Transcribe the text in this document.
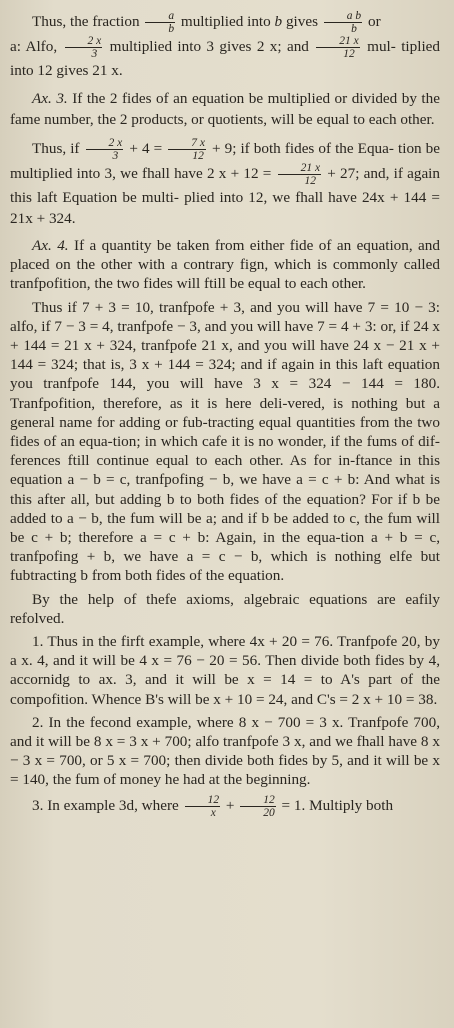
Thus, the fraction $\frac{a}{b}$ multiplied into b gives $\frac{\text{a b}}{b}$ or
a: Alfo, $\frac{2 x}{3}$ multiplied into 3 gives 2 x; and $\frac{21 x}{12} mul-$ tiplied into 12 gives 21 x.

Ax. 3. If the 2 fides of an equation be multiplied or divided by the fame number, the 2 products, or quotients, will be equal to each other.

Thus, if $\frac{2 x}{3} + 4 = \frac{7 x}{12} + 9$; if both fides of the Equa- tion be multiplied into 3, we fhall have 2 $x + 12 = \frac{21 x}{12} + 27$; and, if again this laft Equation be multi- plied into 12, we fhall have 24x + 144 = 21x + 324.

Ax. 4. If a quantity be taken from either fide of an equation, and placed on the other with a contrary fign, which is commonly called tranfpofition, the two fides will ftill be equal to each other.

Thus if 7 + 3 = 10, tranfpofe + 3, and you will have 7 = 10 − 3: alfo, if 7 − 3 = 4, tranfpofe − 3, and you will have 7 = 4 + 3: or, if 24 x + 144 = 21 x + 324, tranfpofe 21 x, and you will have 24 x − 21 x + 144 = 324; that is, 3 x + 144 = 324; and if again in this laft equation you tranfpofe 144, you will have 3 x = 324 − 144 = 180. Tranfpofition, therefore, as it is here deli-vered, is nothing but a general name for adding or fub-tracting equal quantities from the two fides of an equa-tion; in which cafe it is no wonder, if the fums of dif-ferences ftill continue equal to each other. As for in-ftance in this equation a − b = c, tranfpofing − b, we have a = c + b: And what is this after all, but adding b to both fides of the equation? For if b be added to a − b, the fum will be a; and if b be added to c, the fum will be c + b; therefore a = c + b: Again, in the equa-tion a + b = c, tranfpofing + b, we have a = c − b, which is nothing elfe but fubtracting b from both fides of the equation.

By the help of thefe axioms, algebraic equations are eafily refolved.

1. Thus in the firft example, where 4x + 20 = 76. Tranfpofe 20, by a x. 4, and it will be 4 x = 76 − 20 = 56. Then divide both fides by 4, accornidg to ax. 3, and it will be x = 14 = to A's part of the compofition. Whence B's will be x + 10 = 24, and C's = 2 x + 10 = 38.

2. In the fecond example, where 8 x − 700 = 3 x. Tranfpofe 700, and it will be 8 x = 3 x + 700; alfo tranfpofe 3 x, and we fhall have 8 x − 3 x = 700, or 5 x = 700; then divide both fides by 5, and it will be x = 140, the fum of money he had at the beginning.

3. In example 3d, where $\frac{12}{x} + \frac{12}{20} = 1$. Multiply both
